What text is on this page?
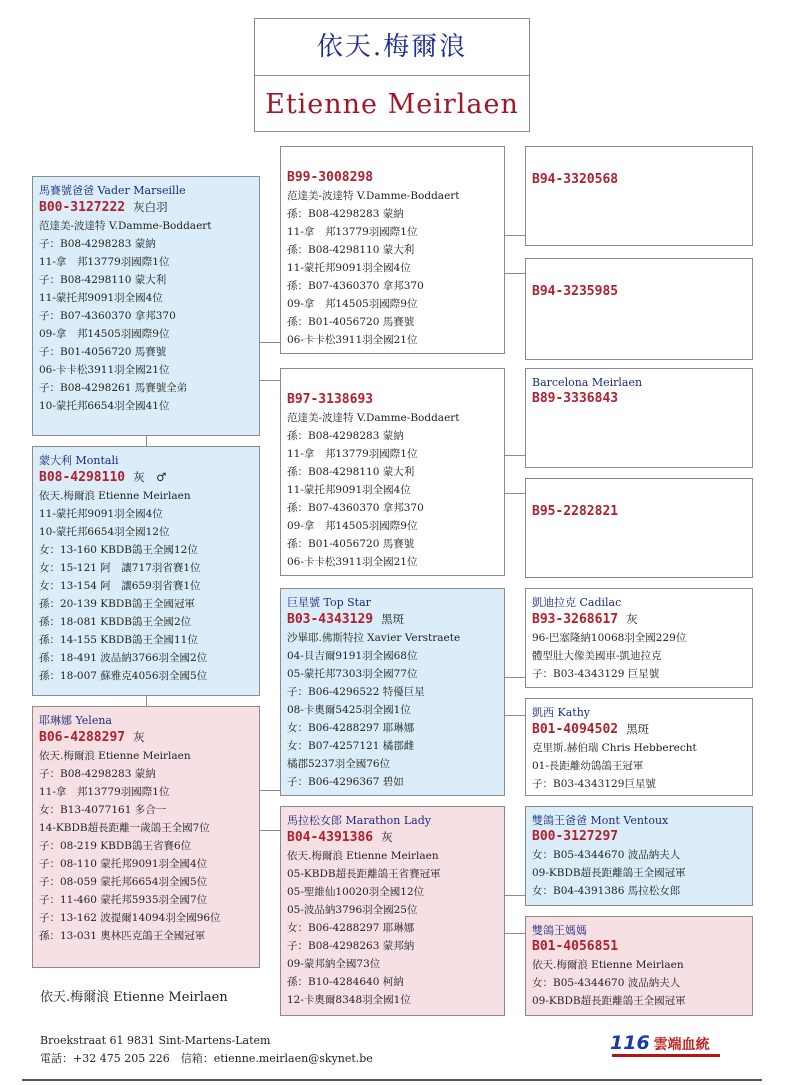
依天.梅爾浪
Etienne Meirlaen
馬賽號爸爸 Vader Marseille
B00-3127222 灰白羽
范達美-波達特 V.Damme-Boddaert
子：B08-4298283 蒙納
11-拿　邦13779羽國際1位
子：B08-4298110 蒙大利
11-蒙托邦9091羽全國4位
子：B07-4360370 拿邦370
09-拿　邦14505羽國際9位
子：B01-4056720 馬賽號
06-卡卡松3911羽全國21位
子：B08-4298261 馬賽號全弟
10-蒙托邦6654羽全國41位
蒙大利 Montali
B08-4298110 灰　♂
依天.梅爾浪 Etienne Meirlaen
11-蒙托邦9091羽全國4位
10-蒙托邦6654羽全國12位
女：13-160 KBDB鴿王全國12位
女：15-121 阿　讓717羽省賽1位
女：13-154 阿　讓659羽省賽1位
孫：20-139 KBDB鴿王全國冠軍
孫：18-081 KBDB鴿王全國2位
孫：14-155 KBDB鴿王全國11位
孫：18-491 波品納3766羽全國2位
孫：18-007 蘇雅克4056羽全國5位
耶琳娜 Yelena
B06-4288297 灰
依天.梅爾浪 Etienne Meirlaen
子：B08-4298283 蒙納
11-拿　邦13779羽國際1位
女：B13-4077161 多合一
14-KBDB超長距離一歲鴿王全國7位
子：08-219 KBDB鴿王省賽6位
子：08-110 蒙托邦9091羽全國4位
子：08-059 蒙托邦6654羽全國5位
子：11-460 蒙托邦5935羽全國7位
子：13-162 波提爾14094羽全國96位
孫：13-031 奧林匹克鴿王全國冠軍
B99-3008298
范達美-波達特 V.Damme-Boddaert
孫：B08-4298283 蒙納
11-拿　邦13779羽國際1位
孫：B08-4298110 蒙大利
11-蒙托邦9091羽全國4位
孫：B07-4360370 拿邦370
09-拿　邦14505羽國際9位
孫：B01-4056720 馬賽號
06-卡卡松3911羽全國21位
B97-3138693
范達美-波達特 V.Damme-Boddaert
孫：B08-4298283 蒙納
11-拿　邦13779羽國際1位
孫：B08-4298110 蒙大利
11-蒙托邦9091羽全國4位
孫：B07-4360370 拿邦370
09-拿　邦14505羽國際9位
孫：B01-4056720 馬賽號
06-卡卡松3911羽全國21位
巨星號 Top Star
B03-4343129 黑斑
沙畢耶.佛斯特拉 Xavier Verstraete
04-貝吉爾9191羽全國68位
05-蒙托邦7303羽全國77位
子：B06-4296522 特優巨星
08-卡奧爾5425羽全國1位
女：B06-4288297 耶琳娜
女：B07-4257121 橘郡雌
橘郡5237羽全國76位
子：B06-4296367 碧如
馬拉松女郎 Marathon Lady
B04-4391386 灰
依天.梅爾浪 Etienne Meirlaen
05-KBDB超長距離鴿王省賽冠軍
05-聖維仙10020羽全國12位
05-波品納3796羽全國25位
女：B06-4288297 耶琳娜
子：B08-4298263 蒙邦納
09-蒙邦納全國73位
孫：B10-4284640 柯納
12-卡奧爾8348羽全國1位
B94-3320568
B94-3235985
Barcelona Meirlaen
B89-3336843
B95-2282821
凱迪拉克 Cadilac
B93-3268617 灰
96-巴塞隆納10068羽全國229位
體型肚大像美國車-凱迪拉克
子：B03-4343129 巨星號
凱西 Kathy
B01-4094502 黑斑
克里斯.赫伯瑞 Chris Hebberecht
01-長距離幼鴿鴿王冠軍
子：B03-4343129巨星號
雙鴿王爸爸 Mont Ventoux
B00-3127297
女：B05-4344670 波品納夫人
09-KBDB超長距離鴿王全國冠軍
女：B04-4391386 馬拉松女郎
雙鴿王媽媽
B01-4056851
依天.梅爾浪 Etienne Meirlaen
女：B05-4344670 波品納夫人
09-KBDB超長距離鴿王全國冠軍
依天.梅爾浪 Etienne Meirlaen
Broekstraat 61 9831 Sint-Martens-Latem
電話：+32 475 205 226　信箱：etienne.meirlaen@skynet.be
116 雲端血統
